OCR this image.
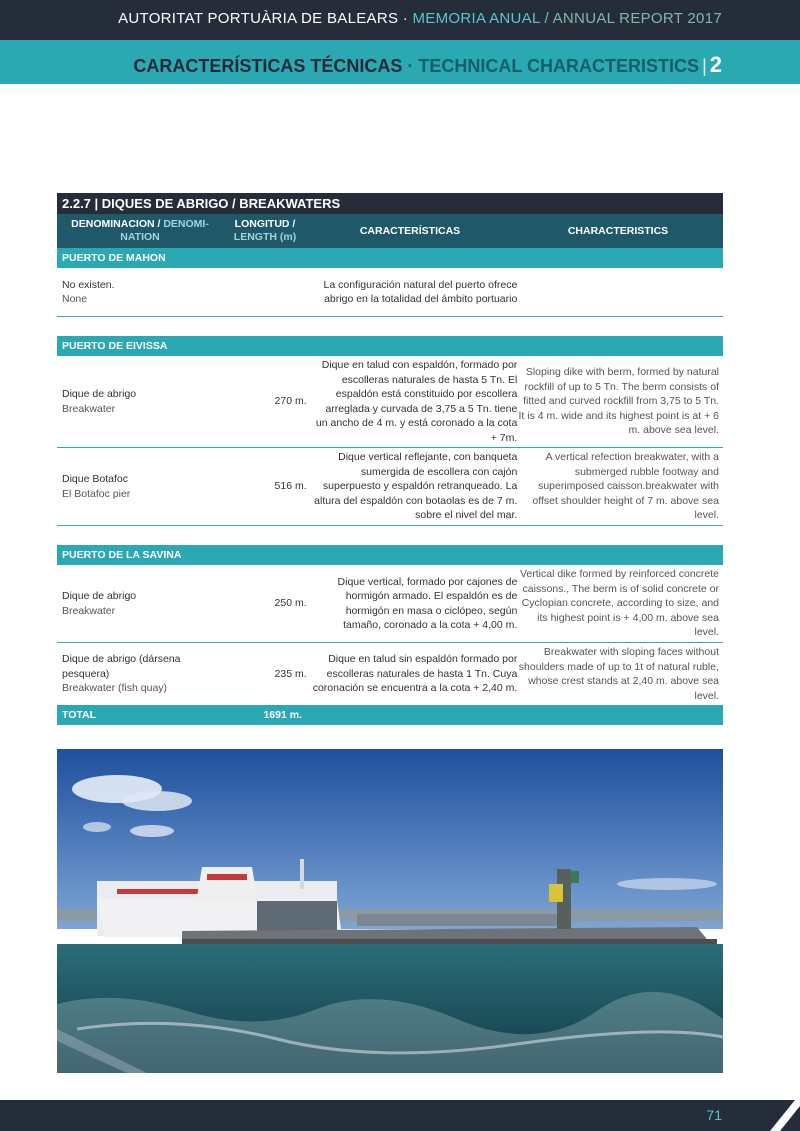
AUTORITAT PORTUÀRIA DE BALEARS · MEMORIA ANUAL / ANNUAL REPORT 2017
CARACTERÍSTICAS TÉCNICAS · TECHNICAL CHARACTERISTICS | 2
2.2.7 | DIQUES DE ABRIGO / BREAKWATERS
DENOMINACION / DENOMI-NATION
LONGITUD /
LENGTH (m)
CARACTERÍSTICAS	CHARACTERISTICS
PUERTO DE MAHON
No existen.
None
La configuración natural del puerto ofrece abrigo en la totalidad del ámbito portuario
PUERTO DE EIVISSA
Dique de abrigo
Breakwater
270 m.
Dique en talud con espaldón, formado por escolleras naturales de hasta 5 Tn. El espaldón está constituido por escollera arreglada y curvada de 3,75 a 5 Tn. tiene un ancho de 4 m. y está coronado a la cota + 7m.
Sloping dike with berm, formed by natural rockfill of up to 5 Tn. The berm consists of fitted and curved rockfill from 3,75 to 5 Tn. It is 4 m. wide and its highest point is at + 6 m. above sea level.
Dique Botafoc
El Botafoc pier
516 m.
Dique vertical reflejante, con banqueta sumergida de escollera con cajón superpuesto y espaldón retranqueado. La altura del espaldón con botaolas es de 7 m. sobre el nivel del mar.
A vertical refection breakwater, with a submerged rubble footway and superimposed caisson.breakwater with offset shoulder height of 7 m. above sea level.
PUERTO DE LA SAVINA
Dique de abrigo
Breakwater
250 m.
Dique vertical, formado por cajones de hormigón armado. El espaldón es de hormigón en masa o ciclópeo, según tamaño, coronado a la cota + 4,00 m.
Vertical dike formed by reinforced concrete caissons., The berm is of solid concrete or Cyclopian concrete, according to size, and its highest point is + 4,00 m. above sea level.
Dique de abrigo (dársena pesquera)
Breakwater (fish quay)
235 m.
Dique en talud sin espaldón formado por escolleras naturales de hasta 1 Tn. Cuya coronación se encuentra a la cota + 2,40 m.
Breakwater with sloping faces without shoulders made of up to 1t of natural ruble, whose crest stands at 2,40 m. above sea level.
TOTAL	1691 m.
71
